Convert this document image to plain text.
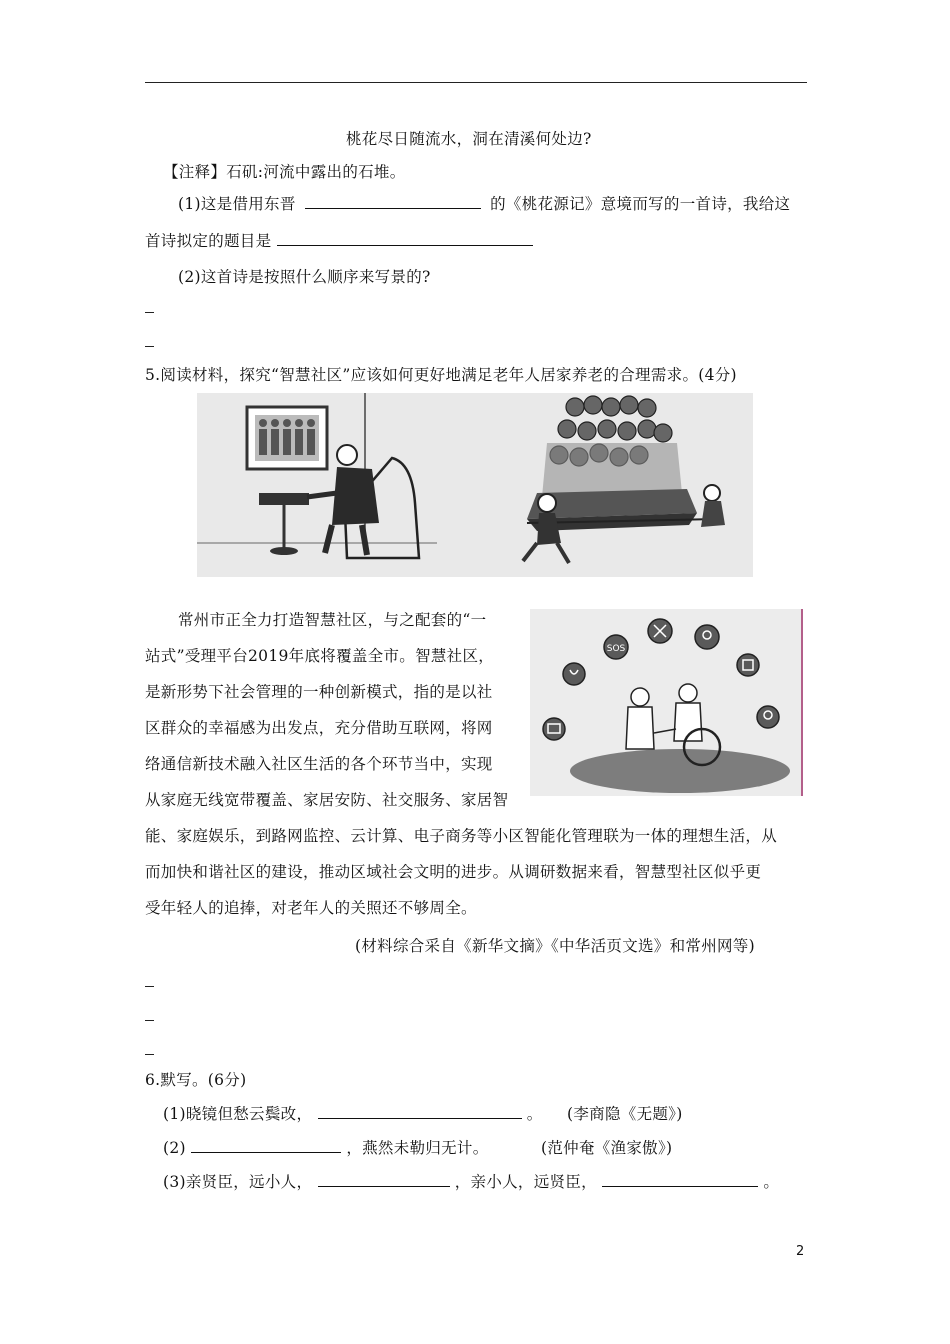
桃花尽日随流水，洞在清溪何处边?
【注释】石矶:河流中露出的石堆。
(1)这是借用东晋	的《桃花源记》意境而写的一首诗，我给这
首诗拟定的题目是
(2)这首诗是按照什么顺序来写景的?
5.阅读材料，探究“智慧社区”应该如何更好地满足老年人居家养老的合理需求。(4分)
常州市正全力打造智慧社区，与之配套的“一
站式”受理平台2019年底将覆盖全市。智慧社区，
是新形势下社会管理的一种创新模式，指的是以社
区群众的幸福感为出发点，充分借助互联网，将网
络通信新技术融入社区生活的各个环节当中，实现
从家庭无线宽带覆盖、家居安防、社交服务、家居智
SOS
能、家庭娱乐，到路网监控、云计算、电子商务等小区智能化管理联为一体的理想生活，从
而加快和谐社区的建设，推动区域社会文明的进步。从调研数据来看，智慧型社区似乎更
受年轻人的追捧，对老年人的关照还不够周全。
(材料综合采自《新华文摘》《中华活页文选》和常州网等)
6.默写。(6分)
(1)晓镜但愁云鬓改，	。 (李商隐《无题》)
(2)	，燕然未勒归无计。	(范仲奄《渔家傲》)
(3)亲贤臣，远小人，	，亲小人，远贤臣，	。
2
